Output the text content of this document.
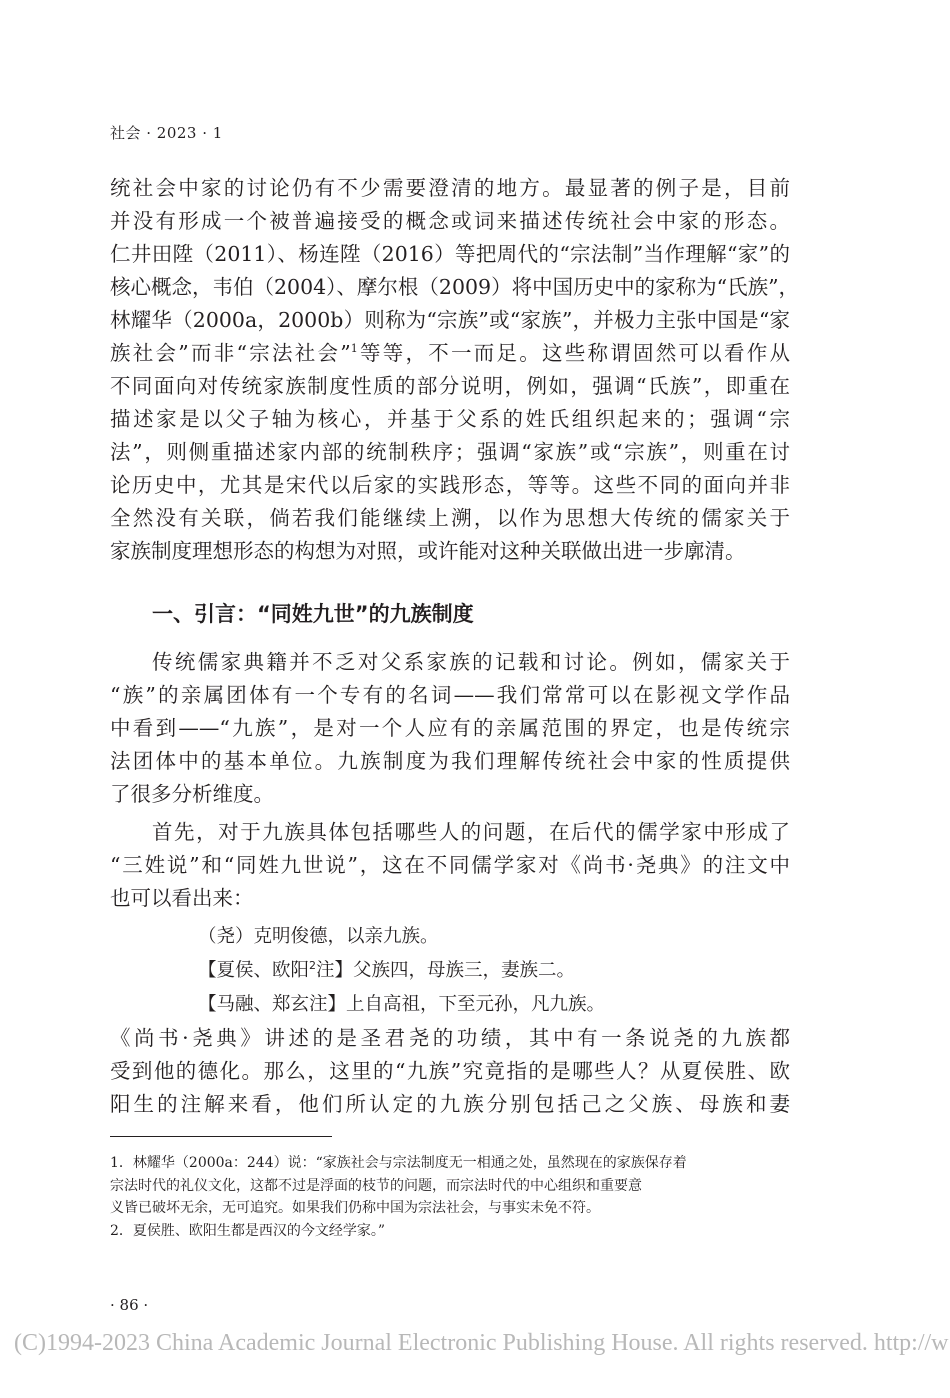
社会 · 2023 · 1
统社会中家的讨论仍有不少需要澄清的地方。最显著的例子是，目前
并没有形成一个被普遍接受的概念或词来描述传统社会中家的形态。
仁井田陞（2011）、杨连陞（2016）等把周代的“宗法制”当作理解“家”的
核心概念，韦伯（2004）、摩尔根（2009）将中国历史中的家称为“氏族”，
林耀华（2000a，2000b）则称为“宗族”或“家族”，并极力主张中国是“家
族社会”而非“宗法社会”$^1$等等，不一而足。这些称谓固然可以看作从
不同面向对传统家族制度性质的部分说明，例如，强调“氏族”，即重在
描述家是以父子轴为核心，并基于父系的姓氏组织起来的；强调“宗
法”，则侧重描述家内部的统制秩序；强调“家族”或“宗族”，则重在讨
论历史中，尤其是宋代以后家的实践形态，等等。这些不同的面向并非
全然没有关联，倘若我们能继续上溯，以作为思想大传统的儒家关于
家族制度理想形态的构想为对照，或许能对这种关联做出进一步廓清。
一、引言：“同姓九世”的九族制度
传统儒家典籍并不乏对父系家族的记载和讨论。例如，儒家关于
“族”的亲属团体有一个专有的名词——我们常常可以在影视文学作品
中看到——“九族”，是对一个人应有的亲属范围的界定，也是传统宗
法团体中的基本单位。九族制度为我们理解传统社会中家的性质提供
了很多分析维度。
首先，对于九族具体包括哪些人的问题，在后代的儒学家中形成了
“三姓说”和“同姓九世说”，这在不同儒学家对《尚书·尧典》的注文中
也可以看出来：
（尧）克明俊德，以亲九族。
【夏侯、欧阳$^2$注】父族四，母族三，妻族二。
【马融、郑玄注】上自高祖，下至元孙，凡九族。
《尚书·尧典》讲述的是圣君尧的功绩，其中有一条说尧的九族都
受到他的德化。那么，这里的“九族”究竟指的是哪些人？从夏侯胜、欧
阳生的注解来看，他们所认定的九族分别包括己之父族、母族和妻
1．林耀华（2000a：244）说：“家族社会与宗法制度无一相通之处，虽然现在的家族保存着
宗法时代的礼仪文化，这都不过是浮面的枝节的问题，而宗法时代的中心组织和重要意
义皆已破坏无余，无可追究。如果我们仍称中国为宗法社会，与事实未免不符。
2．夏侯胜、欧阳生都是西汉的今文经学家。”
· 86 ·
(C)1994-2023 China Academic Journal Electronic Publishing House. All rights reserved. http://w
